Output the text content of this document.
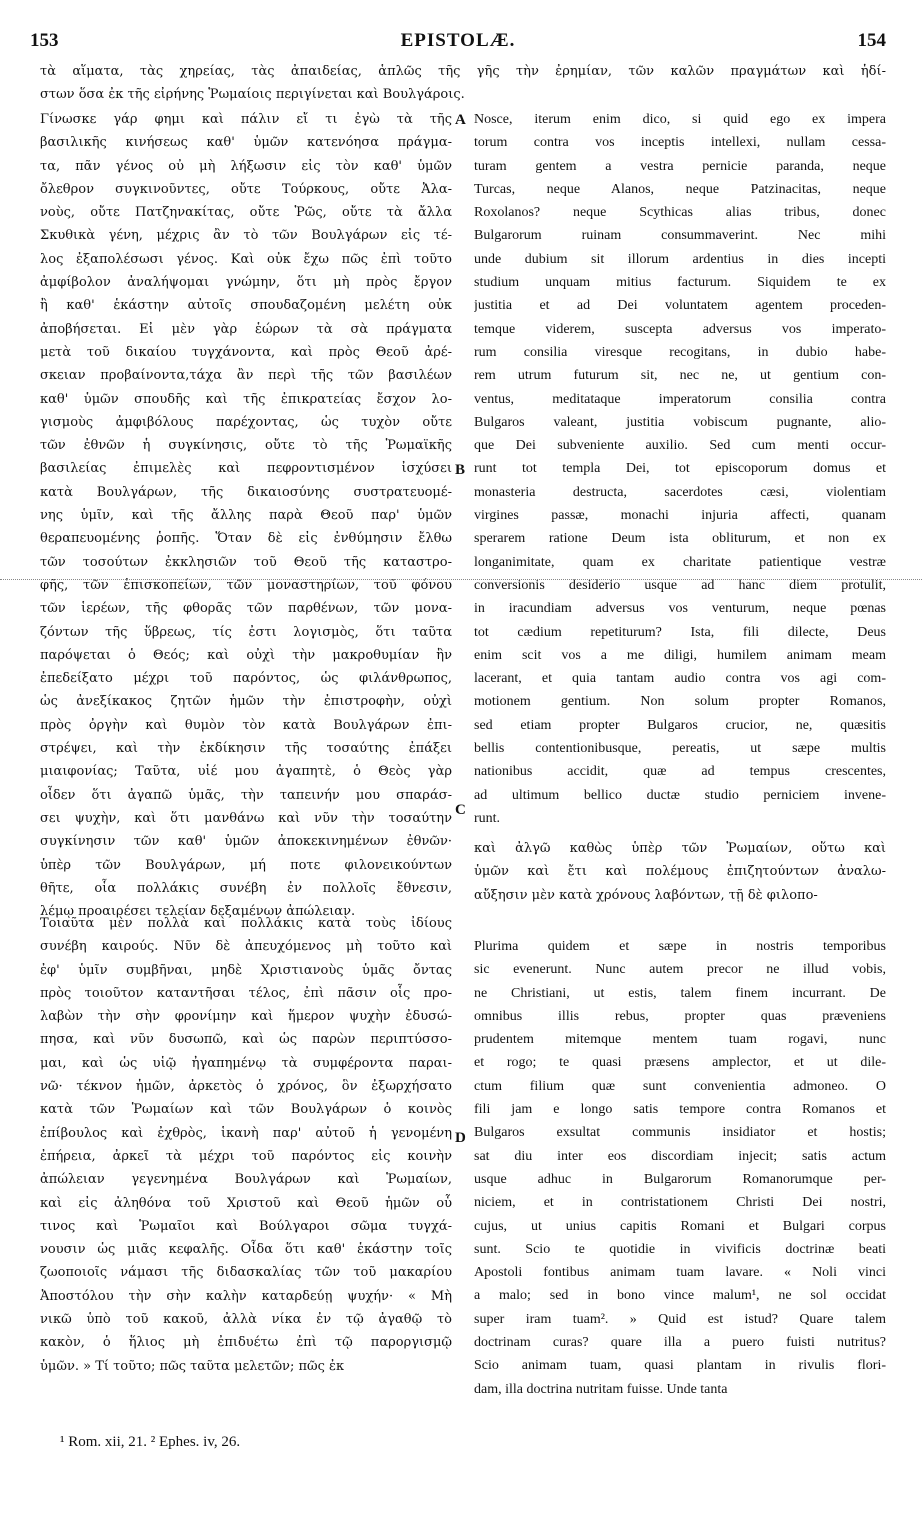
153	EPISTOLÆ.	154
τὰ αἵματα, τὰς χηρείας, τὰς ἀπαιδείας, ἁπλῶς τῆς γῆς τὴν ἐρημίαν, τῶν καλῶν πραγμάτων καὶ ἡδί-
στων ὅσα ἐκ τῆς εἰρήνης Ῥωμαίοις περιγίνεται καὶ Βουλγάροις.
Γίνωσκε γάρ φημι καὶ πάλιν εἴ τι ἐγὼ τὰ τῆς
βασιλικῆς κινήσεως καθ' ὑμῶν κατενόησα πράγμα-
τα, πᾶν γένος οὐ μὴ λήξωσιν εἰς τὸν καθ' ὑμῶν
ὄλεθρον συγκινοῦντες, οὔτε Τούρκους, οὔτε Ἀλα-
νοὺς, οὔτε Πατζηνακίτας, οὔτε Ῥῶς, οὔτε τὰ ἄλλα
Σκυθικὰ γένη, μέχρις ἂν τὸ τῶν Βουλγάρων εἰς τέ-
λος ἐξαπολέσωσι γένος. Καὶ οὐκ ἔχω πῶς ἐπὶ τοῦτο
ἀμφίβολον ἀναλήψομαι γνώμην, ὅτι μὴ πρὸς ἔργον
ἢ καθ' ἑκάστην αὐτοῖς σπουδαζομένη μελέτη οὐκ
ἀποβήσεται. Εἰ μὲν γὰρ ἑώρων τὰ σὰ πράγματα
μετὰ τοῦ δικαίου τυγχάνοντα, καὶ πρὸς Θεοῦ ἀρέ-
σκειαν προβαίνοντα,τάχα ἂν περὶ τῆς τῶν βασιλέων
καθ' ὑμῶν σπουδῆς καὶ τῆς ἐπικρατείας ἔσχον λο-
γισμοὺς ἀμφιβόλους παρέχοντας, ὡς τυχὸν οὔτε
τῶν ἐθνῶν ἡ συγκίνησις, οὔτε τὸ τῆς Ῥωμαϊκῆς
βασιλείας ἐπιμελὲς καὶ πεφροντισμένον ἰσχύσει
κατὰ Βουλγάρων, τῆς δικαιοσύνης συστρατευομέ-
νης ὑμῖν, καὶ τῆς ἄλλης παρὰ Θεοῦ παρ' ὑμῶν
θεραπευομένης ῥοπῆς. Ὅταν δὲ εἰς ἐνθύμησιν ἔλθω
τῶν τοσούτων ἐκκλησιῶν τοῦ Θεοῦ τῆς καταστρο-
φῆς, τῶν ἐπισκοπείων, τῶν μοναστηρίων, τοῦ φόνου
τῶν ἱερέων, τῆς φθορᾶς τῶν παρθένων, τῶν μονα-
ζόντων τῆς ὕβρεως, τίς ἐστι λογισμὸς, ὅτι ταῦτα
παρόψεται ὁ Θεός; καὶ οὐχὶ τὴν μακροθυμίαν ἣν
ἐπεδείξατο μέχρι τοῦ παρόντος, ὡς φιλάνθρωπος,
ὡς ἀνεξίκακος ζητῶν ἡμῶν τὴν ἐπιστροφὴν, οὐχὶ
πρὸς ὀργὴν καὶ θυμὸν τὸν κατὰ Βουλγάρων ἐπι-
στρέψει, καὶ τὴν ἐκδίκησιν τῆς τοσαύτης ἐπάξει
μιαιφονίας; Ταῦτα, υἱέ μου ἀγαπητὲ, ὁ Θεὸς γὰρ
οἶδεν ὅτι ἀγαπῶ ὑμᾶς, τὴν ταπεινήν μου σπαράσ-
σει ψυχὴν, καὶ ὅτι μανθάνω καὶ νῦν τὴν τοσαύτην
συγκίνησιν τῶν καθ' ὑμῶν ἀποκεκινημένων ἐθνῶν·
ὑπὲρ τῶν Βουλγάρων, μή ποτε φιλονεικούντων
θῆτε, οἷα πολλάκις συνέβη ἐν πολλοῖς ἔθνεσιν,
λέμῳ προαιρέσει τελείαν δεξαμένων ἀπώλειαν.
Nosce, iterum enim dico, si quid ego ex impera
torum contra vos inceptis intellexi, nullam cessa-
turam gentem a vestra pernicie paranda, neque
Turcas, neque Alanos, neque Patzinacitas, neque
Roxolanos? neque Scythicas alias tribus, donec
Bulgarorum ruinam consummaverint. Nec mihi
unde dubium sit illorum ardentius in dies incepti
studium unquam mitius facturum. Siquidem te ex
justitia et ad Dei voluntatem agentem proceden-
temque viderem, suscepta adversus vos imperato-
rum consilia viresque recogitans, in dubio habe-
rem utrum futurum sit, nec ne, ut gentium con-
ventus, meditataque imperatorum consilia contra
Bulgaros valeant, justitia vobiscum pugnante, alio-
que Dei subveniente auxilio. Sed cum menti occur-
runt tot templa Dei, tot episcoporum domus et
monasteria destructa, sacerdotes cæsi, violentiam
virgines passæ, monachi injuria affecti, quanam
sperarem ratione Deum ista obliturum, et non ex
longanimitate, quam ex charitate patientique vestræ
conversionis desiderio usque ad hanc diem protulit,
in iracundiam adversus vos venturum, neque pœnas
tot cædium repetiturum? Ista, fili dilecte, Deus
enim scit vos a me diligi, humilem animam meam
lacerant, et quia tantam audio contra vos agi com-
motionem gentium. Non solum propter Romanos,
sed etiam propter Bulgaros crucior, ne, quæsitis
bellis contentionibusque, pereatis, ut sæpe multis
nationibus accidit, quæ ad tempus crescentes,
ad ultimum bellico ductæ studio perniciem invene-
runt.
καὶ ἀλγῶ καθὼς ὑπὲρ τῶν Ῥωμαίων, οὕτω καὶ
ὑμῶν καὶ ἔτι καὶ πολέμους ἐπιζητούντων ἀναλω-
αὔξησιν μὲν κατὰ χρόνους λαβόντων, τῇ δὲ φιλοπο-
Τοιαῦτα μὲν πολλὰ καὶ πολλάκις κατὰ τοὺς ἰδίους
συνέβη καιρούς. Νῦν δὲ ἀπευχόμενος μὴ τοῦτο καὶ
ἐφ' ὑμῖν συμβῆναι, μηδὲ Χριστιανοὺς ὑμᾶς ὄντας
πρὸς τοιοῦτον καταντῆσαι τέλος, ἐπὶ πᾶσιν οἷς προ-
λαβὼν τὴν σὴν φρονίμην καὶ ἥμερον ψυχὴν ἐδυσώ-
πησα, καὶ νῦν δυσωπῶ, καὶ ὡς παρὼν περιπτύσσο-
μαι, καὶ ὡς υἱῷ ἠγαπημένῳ τὰ συμφέροντα παραι-
νῶ· τέκνον ἡμῶν, ἀρκετὸς ὁ χρόνος, ὃν ἐξωρχήσατο
κατὰ τῶν Ῥωμαίων καὶ τῶν Βουλγάρων ὁ κοινὸς
ἐπίβουλος καὶ ἐχθρὸς, ἱκανὴ παρ' αὐτοῦ ἡ γενομένη
ἐπήρεια, ἀρκεῖ τὰ μέχρι τοῦ παρόντος εἰς κοινὴν
ἀπώλειαν γεγενημένα Βουλγάρων καὶ Ῥωμαίων,
καὶ εἰς ἀληθόνα τοῦ Χριστοῦ καὶ Θεοῦ ἡμῶν οὗ
τινος καὶ Ῥωμαῖοι καὶ Βούλγαροι σῶμα τυγχά-
νουσιν ὡς μιᾶς κεφαλῆς. Οἶδα ὅτι καθ' ἑκάστην τοῖς
ζωοποιοῖς νάμασι τῆς διδασκαλίας τῶν τοῦ μακαρίου
Ἀποστόλου τὴν σὴν καλὴν καταρδεύῃ ψυχήν· « Μὴ
νικῶ ὑπὸ τοῦ κακοῦ, ἀλλὰ νίκα ἐν τῷ ἀγαθῷ τὸ
κακὸν, ὁ ἥλιος μὴ ἐπιδυέτω ἐπὶ τῷ παροργισμῷ
ὑμῶν. » Τί τοῦτο; πῶς ταῦτα μελετῶν; πῶς ἐκ
Plurima quidem et sæpe in nostris temporibus
sic evenerunt. Nunc autem precor ne illud vobis,
ne Christiani, ut estis, talem finem incurrant. De
omnibus illis rebus, propter quas præveniens
prudentem mitemque mentem tuam rogavi, nunc
et rogo; te quasi præsens amplector, et ut dile-
ctum filium quæ sunt convenientia admoneo. O
fili jam e longo satis tempore contra Romanos et
Bulgaros exsultat communis insidiator et hostis;
sat diu inter eos discordiam injecit; satis actum
usque adhuc in Bulgarorum Romanorumque per-
niciem, et in contristationem Christi Dei nostri,
cujus, ut unius capitis Romani et Bulgari corpus
sunt. Scio te quotidie in vivificis doctrinæ beati
Apostoli fontibus animam tuam lavare. « Noli vinci
a malo; sed in bono vince malum¹, ne sol occidat
super iram tuam². » Quid est istud? Quare talem
doctrinam curas? quare illa a puero fuisti nutritus?
Scio animam tuam, quasi plantam in rivulis flori-
dam, illa doctrina nutritam fuisse. Unde tanta
A
B
C
D
¹ Rom. xii, 21. ² Ephes. iv, 26.
